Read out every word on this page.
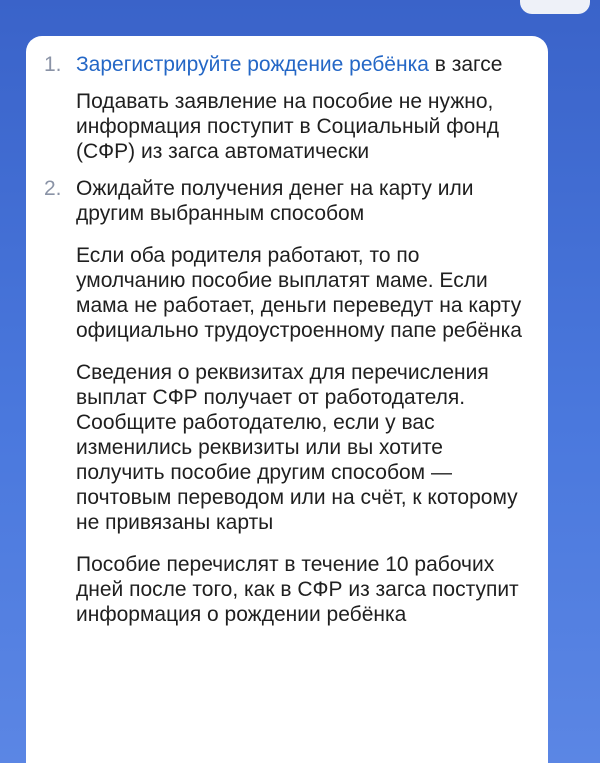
1. Зарегистрируйте рождение ребёнка в загсе
Подавать заявление на пособие не нужно, информация поступит в Социальный фонд (СФР) из загса автоматически
2. Ожидайте получения денег на карту или другим выбранным способом
Если оба родителя работают, то по умолчанию пособие выплатят маме. Если мама не работает, деньги переведут на карту официально трудоустроенному папе ребёнка
Сведения о реквизитах для перечисления выплат СФР получает от работодателя. Сообщите работодателю, если у вас изменились реквизиты или вы хотите получить пособие другим способом — почтовым переводом или на счёт, к которому не привязаны карты
Пособие перечислят в течение 10 рабочих дней после того, как в СФР из загса поступит информация о рождении ребёнка
